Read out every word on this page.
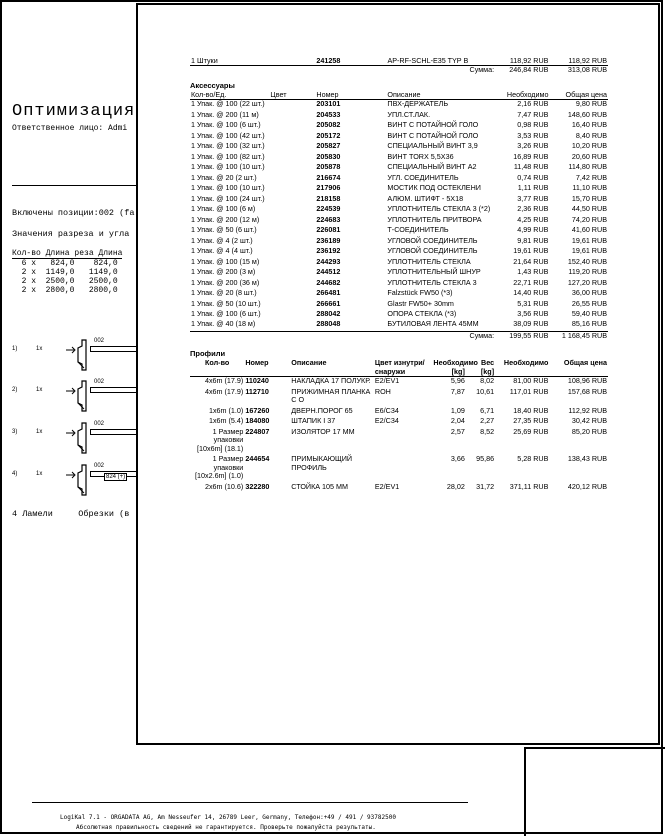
Оптимизация
Ответственное лицо: Admi
Включены позиции:002 (fa
Значения разреза и угла
Кол-во Длина реза Длина
6 x   824,0    824,0
2 x  1149,0   1149,0
2 x  2500,0   2500,0
2 x  2800,0   2800,0
1)	1x
002
2)	1x
002
3)	1x
002
4)	1x
002
824 (+)
4 Ламели     Обрезки (в
LogiKal 7.1 - ORGADATA AG, Am Nesseufer 14, 26789 Leer, Germany, Телефон:+49 / 491 / 93782500
Абсолютная правильность сведений не гарантируется. Проверьте пожалуйста результаты.
1 Штуки	241258	AP-RF-SCHL-E35 TYP B	118,92 RUB	118,92 RUB
		Сумма:	246,84 RUB	313,08 RUB
Аксессуары
Кол-во/Ед.	Цвет	Номер	Описание	Необходимо	Общая цена
1 Упак. @ 100 (22 шт.)		203101	ПВХ-ДЕРЖАТЕЛЬ	2,16 RUB	9,80 RUB
1 Упак. @ 200 (11 м)		204533	УПЛ.СТ.ЛАК.	7,47 RUB	148,60 RUB
1 Упак. @ 100 (6 шт.)		205082	ВИНТ С ПОТАЙНОЙ ГОЛО	0,98 RUB	16,40 RUB
1 Упак. @ 100 (42 шт.)		205172	ВИНТ С ПОТАЙНОЙ ГОЛО	3,53 RUB	8,40 RUB
1 Упак. @ 100 (32 шт.)		205827	СПЕЦИАЛЬНЫЙ ВИНТ 3,9	3,26 RUB	10,20 RUB
1 Упак. @ 100 (82 шт.)		205830	ВИНТ TORX 5,5X36	16,89 RUB	20,60 RUB
1 Упак. @ 100 (10 шт.)		205878	СПЕЦИАЛЬНЫЙ ВИНТ А2	11,48 RUB	114,80 RUB
1 Упак. @ 20 (2 шт.)		216674	УГЛ. СОЕДИНИТЕЛЬ	0,74 RUB	7,42 RUB
1 Упак. @ 100 (10 шт.)		217906	МОСТИК ПОД ОСТЕКЛЕНИ	1,11 RUB	11,10 RUB
1 Упак. @ 100 (24 шт.)		218158	АЛЮМ. ШТИФТ - 5X18	3,77 RUB	15,70 RUB
1 Упак. @ 100 (6 м)		224539	УПЛОТНИТЕЛЬ СТЕКЛА 3 (*2)	2,36 RUB	44,50 RUB
1 Упак. @ 200 (12 м)		224683	УПЛОТНИТЕЛЬ ПРИТВОРА	4,25 RUB	74,20 RUB
1 Упак. @ 50 (6 шт.)		226081	Т-СОЕДИНИТЕЛЬ	4,99 RUB	41,60 RUB
1 Упак. @ 4 (2 шт.)		236189	УГЛОВОЙ СОЕДИНИТЕЛЬ	9,81 RUB	19,61 RUB
1 Упак. @ 4 (4 шт.)		236192	УГЛОВОЙ СОЕДИНИТЕЛЬ	19,61 RUB	19,61 RUB
1 Упак. @ 100 (15 м)		244293	УПЛОТНИТЕЛЬ СТЕКЛА	21,64 RUB	152,40 RUB
1 Упак. @ 200 (3 м)		244512	УПЛОТНИТЕЛЬНЫЙ ШНУР	1,43 RUB	119,20 RUB
1 Упак. @ 200 (36 м)		244682	УПЛОТНИТЕЛЬ СТЕКЛА 3	22,71 RUB	127,20 RUB
1 Упак. @ 20 (8 шт.)		266481	Falzstück FW50 (*3)	14,40 RUB	36,00 RUB
1 Упак. @ 50 (10 шт.)		266661	Glastr FW50+ 30mm	5,31 RUB	26,55 RUB
1 Упак. @ 100 (6 шт.)		288042	ОПОРА СТЕКЛА (*3)	3,56 RUB	59,40 RUB
1 Упак. @ 40 (18 м)		288048	БУТИЛОВАЯ ЛЕНТА 45MM	38,09 RUB	85,16 RUB
			Сумма:	199,55 RUB	1 168,45 RUB
Профили
Кол-во	Номер	Описание	Цвет изнутри/снаружи	Необходимо [kg]	Вес [kg]	Необходимо	Общая цена
4x6m (17.9)	110240	НАКЛАДКА 17 ПОЛУКР.	E2/EV1	5,96	8,02	81,00 RUB	108,96 RUB
4x6m (17.9)	112710	ПРИЖИМНАЯ ПЛАНКА С О	ROH	7,87	10,61	117,01 RUB	157,68 RUB
1x6m (1.0)	167260	ДВЕРН.ПОРОГ 65	E6/C34	1,09	6,71	18,40 RUB	112,92 RUB
1x6m (5.4)	184080	ШТАПИК I 37	E2/C34	2,04	2,27	27,35 RUB	30,42 RUB
1 Размер упаковки [10x6m] (18.1)	224807	ИЗОЛЯТОР 17 MM		2,57	8,52	25,69 RUB	85,20 RUB
1 Размер упаковки [10x2.6m] (1.0)	244654	ПРИМЫКАЮЩИЙ ПРОФИЛЬ		3,66	95,86	5,28 RUB	138,43 RUB
2x6m (10.6)	322280	СТОЙКА 105 MM	E2/EV1	28,02	31,72	371,11 RUB	420,12 RUB
